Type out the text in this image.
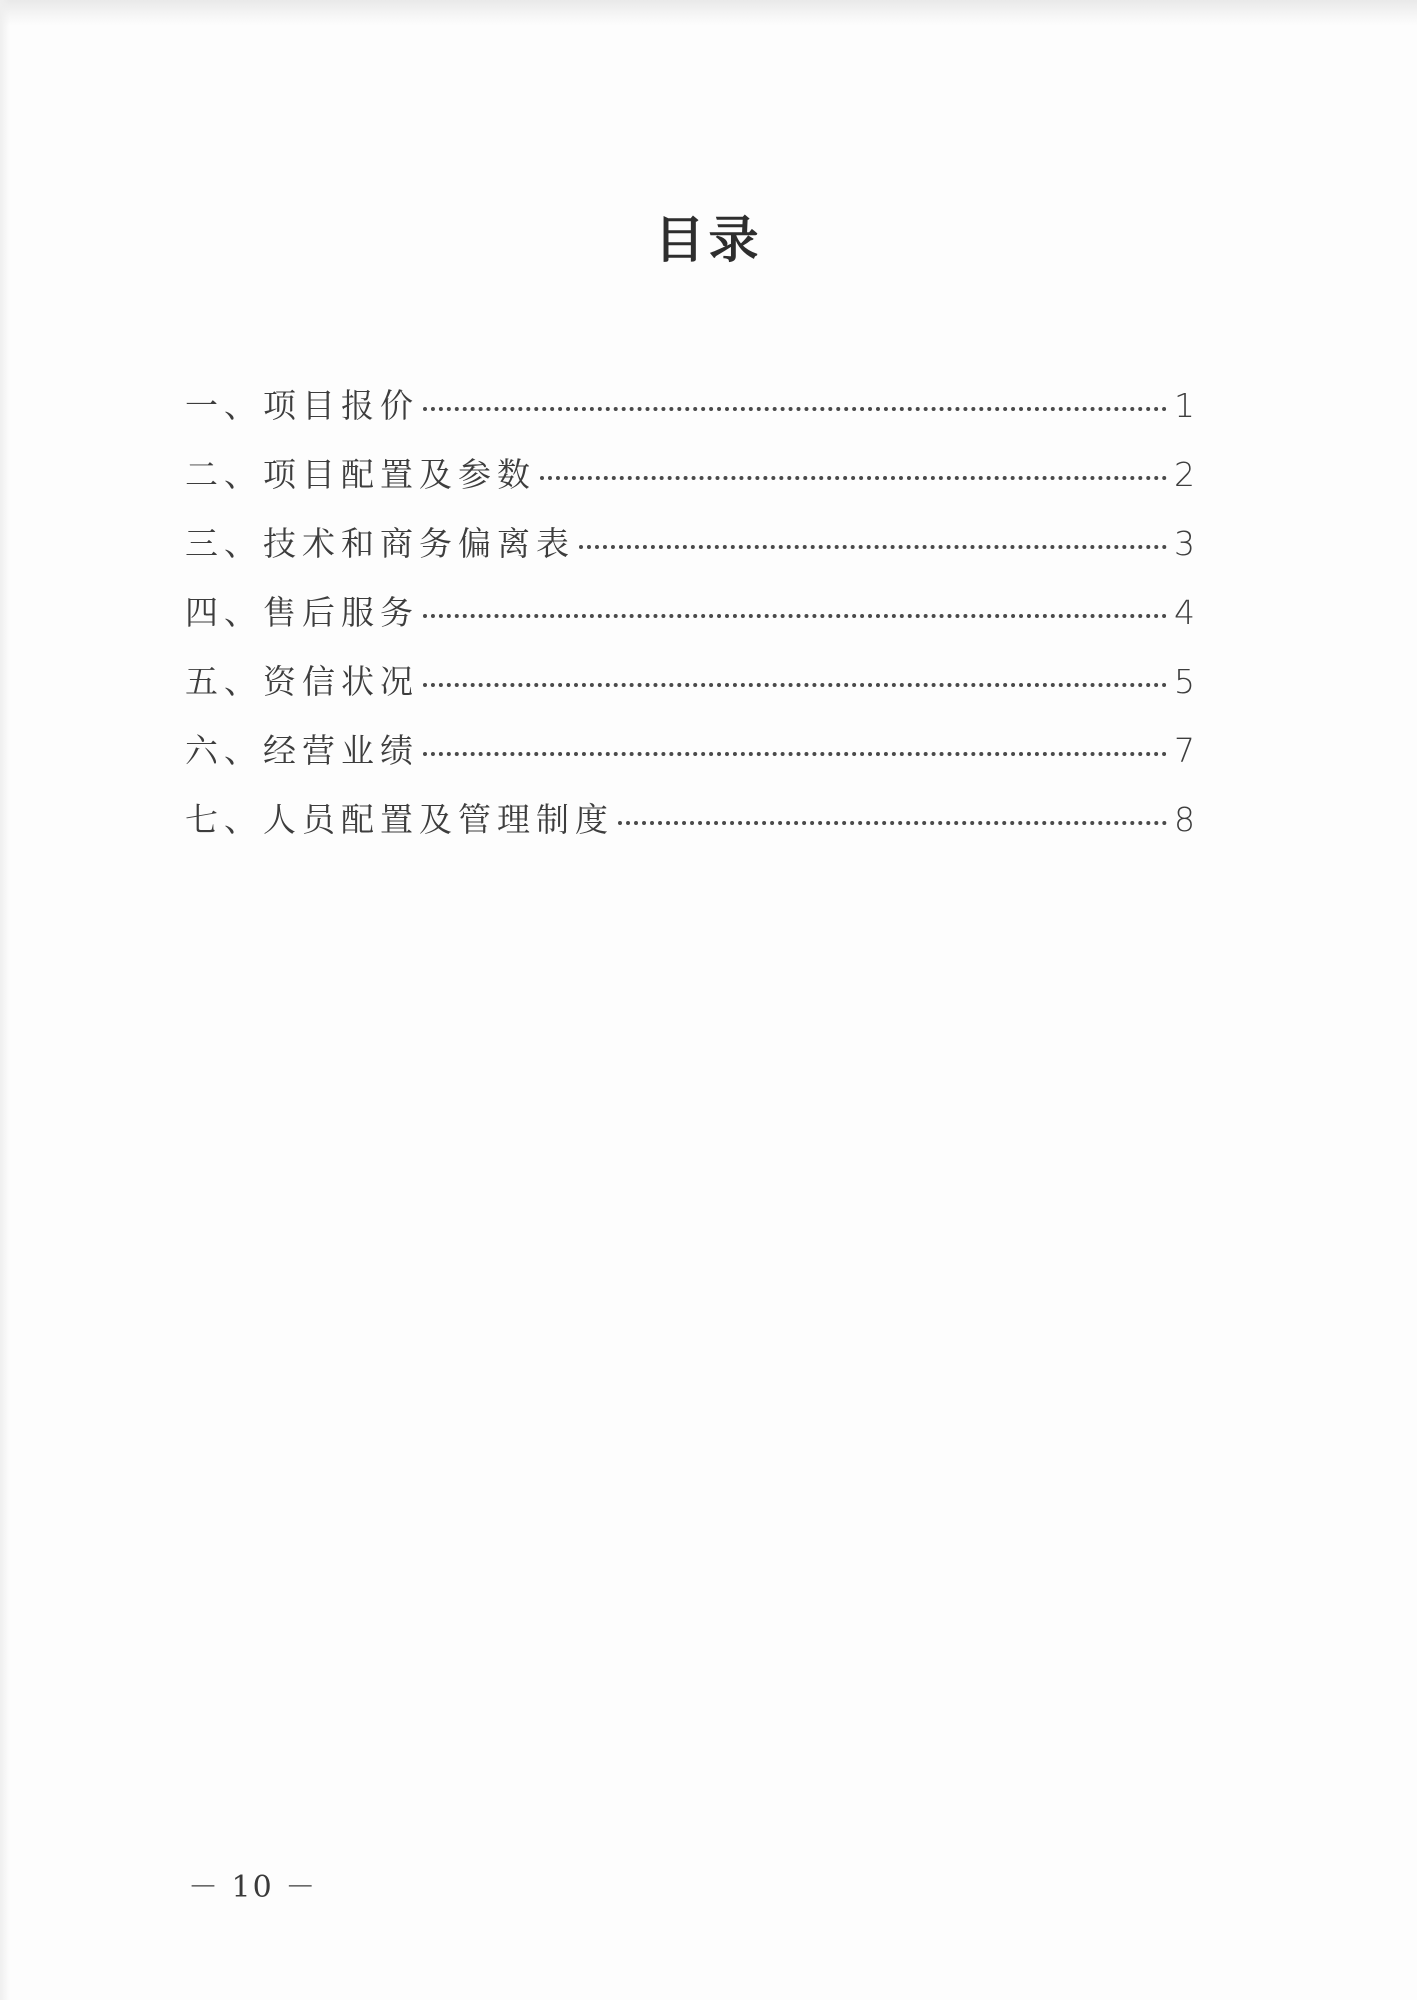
目录
一、项目报价	1
二、项目配置及参数	2
三、技术和商务偏离表	3
四、售后服务	4
五、资信状况	5
六、经营业绩	7
七、人员配置及管理制度	8
－ 10 －
